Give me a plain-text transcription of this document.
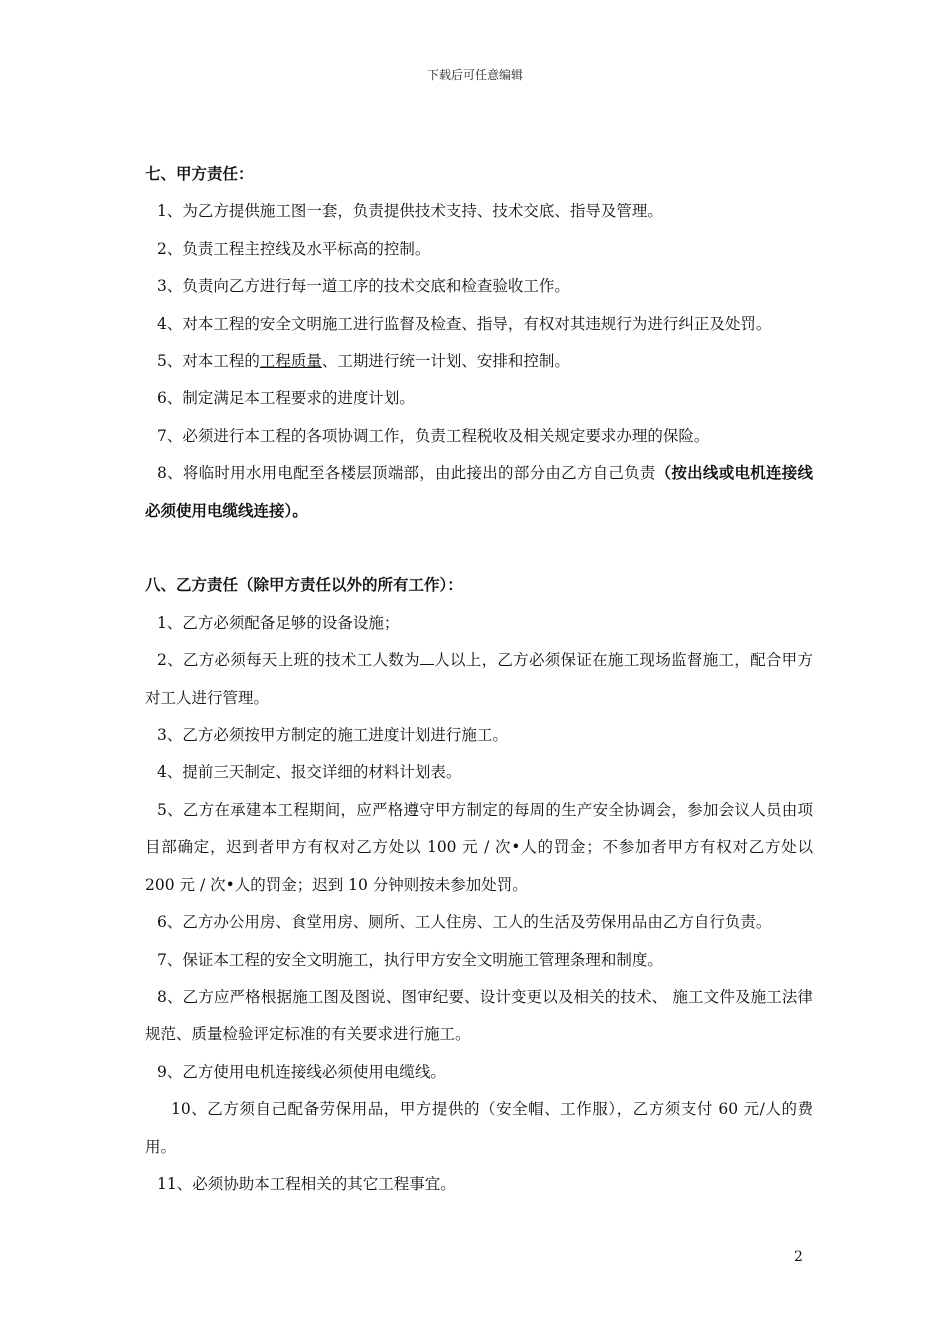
下载后可任意编辑
七、甲方责任：
1、为乙方提供施工图一套，负责提供技术支持、技术交底、指导及管理。
2、负责工程主控线及水平标高的控制。
3、负责向乙方进行每一道工序的技术交底和检查验收工作。
4、对本工程的安全文明施工进行监督及检查、指导，有权对其违规行为进行纠正及处罚。
5、对本工程的工程质量、工期进行统一计划、安排和控制。
6、制定满足本工程要求的进度计划。
7、必须进行本工程的各项协调工作，负责工程税收及相关规定要求办理的保险。
8、将临时用水用电配至各楼层顶端部，由此接出的部分由乙方自己负责（按出线或电机连接线必须使用电缆线连接）。
八、乙方责任（除甲方责任以外的所有工作）：
1、乙方必须配备足够的设备设施；
2、乙方必须每天上班的技术工人数为 人以上，乙方必须保证在施工现场监督施工，配合甲方对工人进行管理。
3、乙方必须按甲方制定的施工进度计划进行施工。
4、提前三天制定、报交详细的材料计划表。
5、乙方在承建本工程期间，应严格遵守甲方制定的每周的生产安全协调会，参加会议人员由项目部确定，迟到者甲方有权对乙方处以 100 元 / 次•人的罚金；不参加者甲方有权对乙方处以 200 元 / 次•人的罚金；迟到 10 分钟则按未参加处罚。
6、乙方办公用房、食堂用房、厕所、工人住房、工人的生活及劳保用品由乙方自行负责。
7、保证本工程的安全文明施工，执行甲方安全文明施工管理条理和制度。
8、乙方应严格根据施工图及图说、图审纪要、设计变更以及相关的技术、 施工文件及施工法律规范、质量检验评定标准的有关要求进行施工。
9、乙方使用电机连接线必须使用电缆线。
10、乙方须自己配备劳保用品，甲方提供的（安全帽、工作服），乙方须支付 60 元/人的费用。
11、必须协助本工程相关的其它工程事宜。
2
